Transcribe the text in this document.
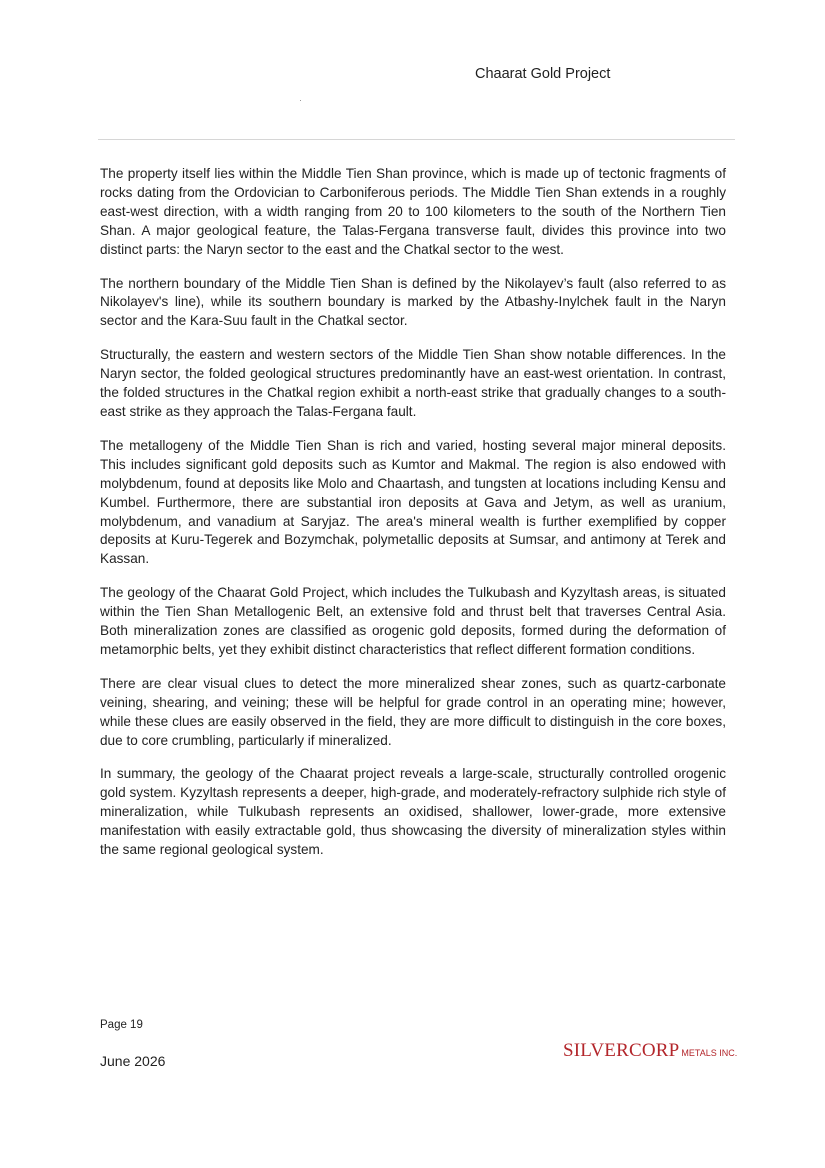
Chaarat Gold Project

The property itself lies within the Middle Tien Shan province, which is made up of tectonic fragments of rocks dating from the Ordovician to Carboniferous periods. The Middle Tien Shan extends in a roughly east-west direction, with a width ranging from 20 to 100 kilometers to the south of the Northern Tien Shan. A major geological feature, the Talas-Fergana transverse fault, divides this province into two distinct parts: the Naryn sector to the east and the Chatkal sector to the west.

The northern boundary of the Middle Tien Shan is defined by the Nikolayev’s fault (also referred to as Nikolayev's line), while its southern boundary is marked by the Atbashy-Inylchek fault in the Naryn sector and the Kara-Suu fault in the Chatkal sector.

Structurally, the eastern and western sectors of the Middle Tien Shan show notable differences. In the Naryn sector, the folded geological structures predominantly have an east-west orientation. In contrast, the folded structures in the Chatkal region exhibit a north-east strike that gradually changes to a south-east strike as they approach the Talas-Fergana fault.

The metallogeny of the Middle Tien Shan is rich and varied, hosting several major mineral deposits. This includes significant gold deposits such as Kumtor and Makmal. The region is also endowed with molybdenum, found at deposits like Molo and Chaartash, and tungsten at locations including Kensu and Kumbel. Furthermore, there are substantial iron deposits at Gava and Jetym, as well as uranium, molybdenum, and vanadium at Saryjaz. The area's mineral wealth is further exemplified by copper deposits at Kuru-Tegerek and Bozymchak, polymetallic deposits at Sumsar, and antimony at Terek and Kassan.

The geology of the Chaarat Gold Project, which includes the Tulkubash and Kyzyltash areas, is situated within the Tien Shan Metallogenic Belt, an extensive fold and thrust belt that traverses Central Asia. Both mineralization zones are classified as orogenic gold deposits, formed during the deformation of metamorphic belts, yet they exhibit distinct characteristics that reflect different formation conditions.

There are clear visual clues to detect the more mineralized shear zones, such as quartz-carbonate veining, shearing, and veining; these will be helpful for grade control in an operating mine; however, while these clues are easily observed in the field, they are more difficult to distinguish in the core boxes, due to core crumbling, particularly if mineralized.

In summary, the geology of the Chaarat project reveals a large-scale, structurally controlled orogenic gold system. Kyzyltash represents a deeper, high-grade, and moderately-refractory sulphide rich style of mineralization, while Tulkubash represents an oxidised, shallower, lower-grade, more extensive manifestation with easily extractable gold, thus showcasing the diversity of mineralization styles within the same regional geological system.

Page 19
June 2026	SILVERCORP METALS INC.
